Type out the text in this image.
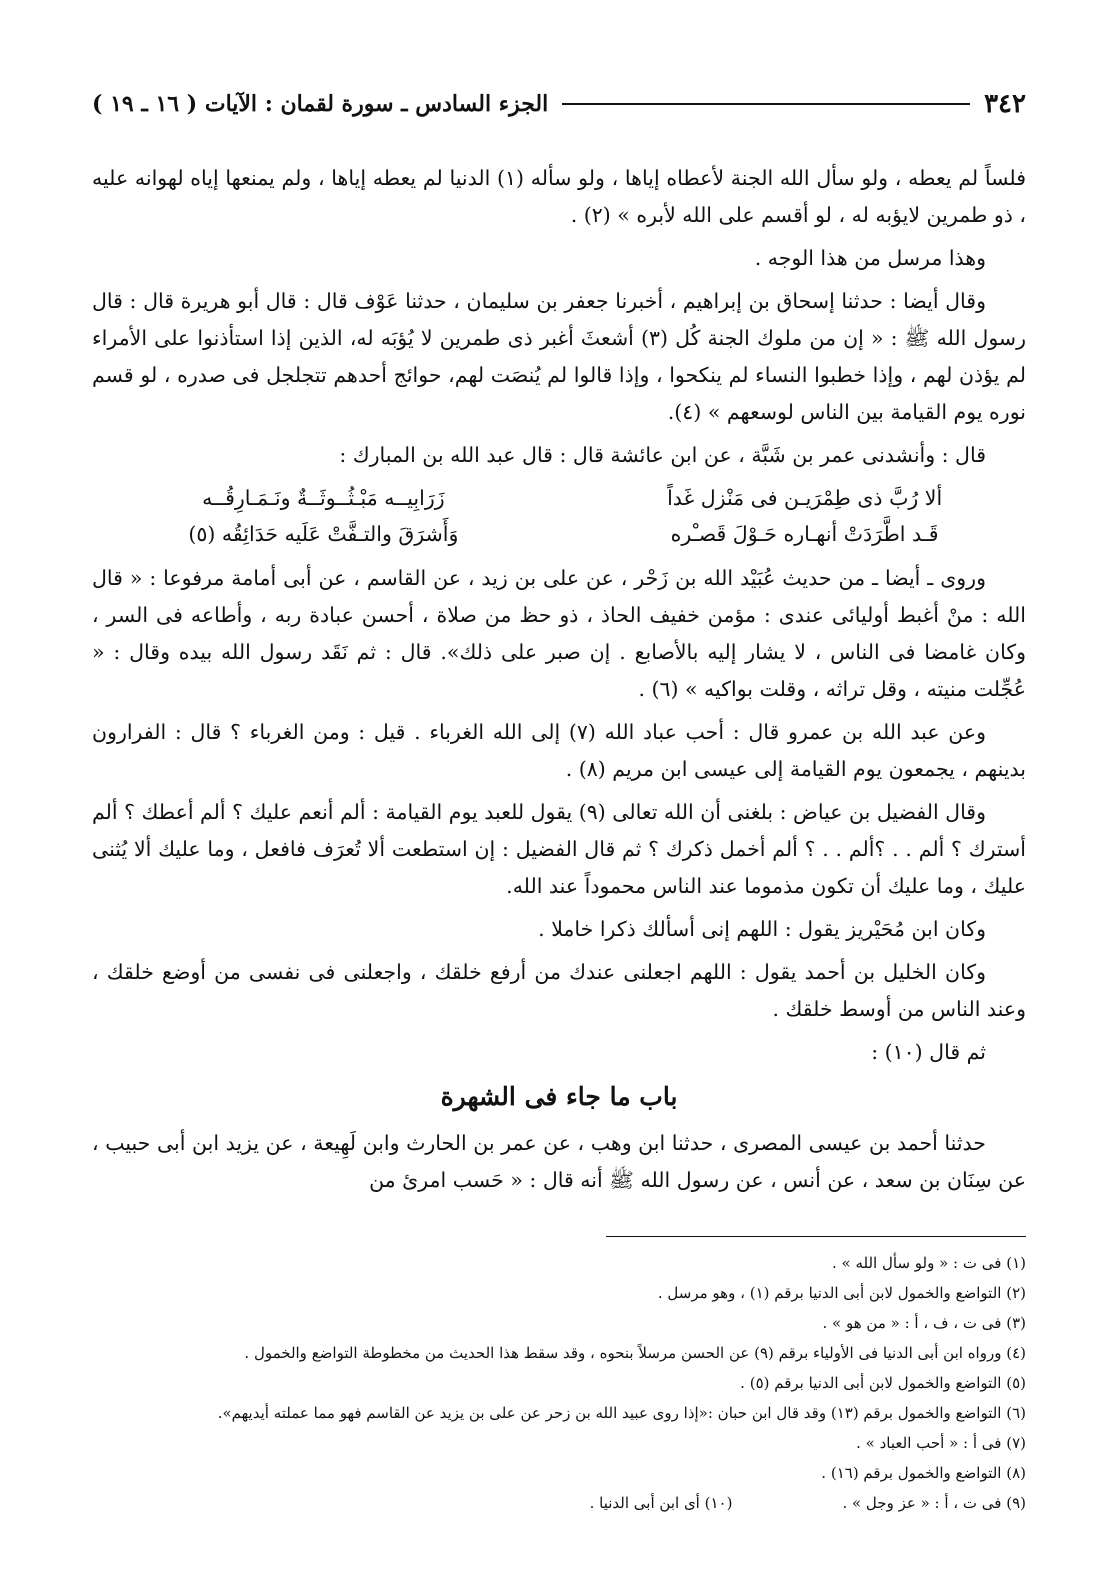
٣٤٢
الجزء السادس ـ سورة لقمان : الآيات ( ١٦ ـ ١٩ )

فلساً لم يعطه ، ولو سأل الله الجنة لأعطاه إياها ، ولو سأله (١) الدنيا لم يعطه إياها ، ولم يمنعها إياه لهوانه عليه ، ذو طمرين لايؤبه له ، لو أقسم على الله لأبره » (٢) .

وهذا مرسل من هذا الوجه .

وقال أيضا : حدثنا إسحاق بن إبراهيم ، أخبرنا جعفر بن سليمان ، حدثنا عَوْف قال : قال أبو هريرة قال : قال رسول الله ﷺ : « إن من ملوك الجنة كُل (٣) أشعثَ أغبر ذى طمرين لا يُؤبَه له، الذين إذا استأذنوا على الأمراء لم يؤذن لهم ، وإذا خطبوا النساء لم ينكحوا ، وإذا قالوا لم يُنصَت لهم، حوائج أحدهم تتجلجل فى صدره ، لو قسم نوره يوم القيامة بين الناس لوسعهم » (٤).

قال : وأنشدنى عمر بن شَبَّة ، عن ابن عائشة قال : قال عبد الله بن المبارك :

ألا رُبَّ ذى طِمْرَيـن فى مَنْزل غَداً
زَرَابِيــه مَبْـثُــوثَــةٌ ونَـمَـارِقُــه
قَـد اطَّرَدَتْ أنهـاره حَـوْلَ قَصـْره
وَأَشرَقَ والتـفَّتْ عَلَيه حَدَائِقُه (٥)

وروى ـ أيضا ـ من حديث عُبَيْد الله بن زَحْر ، عن على بن زيد ، عن القاسم ، عن أبى أمامة مرفوعا : « قال الله : منْ أغبط أوليائى عندى : مؤمن خفيف الحاذ ، ذو حظ من صلاة ، أحسن عبادة ربه ، وأطاعه فى السر ، وكان غامضا فى الناس ، لا يشار إليه بالأصابع . إن صبر على ذلك». قال : ثم نَقَد رسول الله بيده وقال : « عُجِّلت منيته ، وقل تراثه ، وقلت بواكيه » (٦) .

وعن عبد الله بن عمرو قال : أحب عباد الله (٧) إلى الله الغرباء . قيل : ومن الغرباء ؟ قال : الفرارون بدينهم ، يجمعون يوم القيامة إلى عيسى ابن مريم (٨) .

وقال الفضيل بن عياض : بلغنى أن الله تعالى (٩) يقول للعبد يوم القيامة : ألم أنعم عليك ؟ ألم أعطك ؟ ألم أسترك ؟ ألم . . ؟ألم . . ؟ ألم أخمل ذكرك ؟ ثم قال الفضيل : إن استطعت ألا تُعرَف فافعل ، وما عليك ألا يُثنى عليك ، وما عليك أن تكون مذموما عند الناس محموداً عند الله.

وكان ابن مُحَيْريز يقول : اللهم إنى أسألك ذكرا خاملا .

وكان الخليل بن أحمد يقول : اللهم اجعلنى عندك من أرفع خلقك ، واجعلنى فى نفسى من أوضع خلقك ، وعند الناس من أوسط خلقك .

ثم قال (١٠) :

باب ما جاء فى الشهرة

حدثنا أحمد بن عيسى المصرى ، حدثنا ابن وهب ، عن عمر بن الحارث وابن لَهِيعة ، عن يزيد ابن أبى حبيب ، عن سِنَان بن سعد ، عن أنس ، عن رسول الله ﷺ أنه قال : « حَسب امرئ من

(١) فى ت : « ولو سأل الله » .
(٢) التواضع والخمول لابن أبى الدنيا برقم (١) ، وهو مرسل .
(٣) فى ت ، ف ، أ : « من هو » .
(٤) ورواه ابن أبى الدنيا فى الأولياء برقم (٩) عن الحسن مرسلاً بنحوه ، وقد سقط هذا الحديث من مخطوطة التواضع والخمول .
(٥) التواضع والخمول لابن أبى الدنيا برقم (٥) .
(٦) التواضع والخمول برقم (١٣) وقد قال ابن حبان :«إذا روى عبيد الله بن زحر عن على بن يزيد عن القاسم فهو مما عملته أيديهم».
(٧) فى أ : « أحب العباد » .
(٨) التواضع والخمول برقم (١٦) .
(٩) فى ت ، أ : « عز وجل » .
(١٠) أى ابن أبى الدنيا .
